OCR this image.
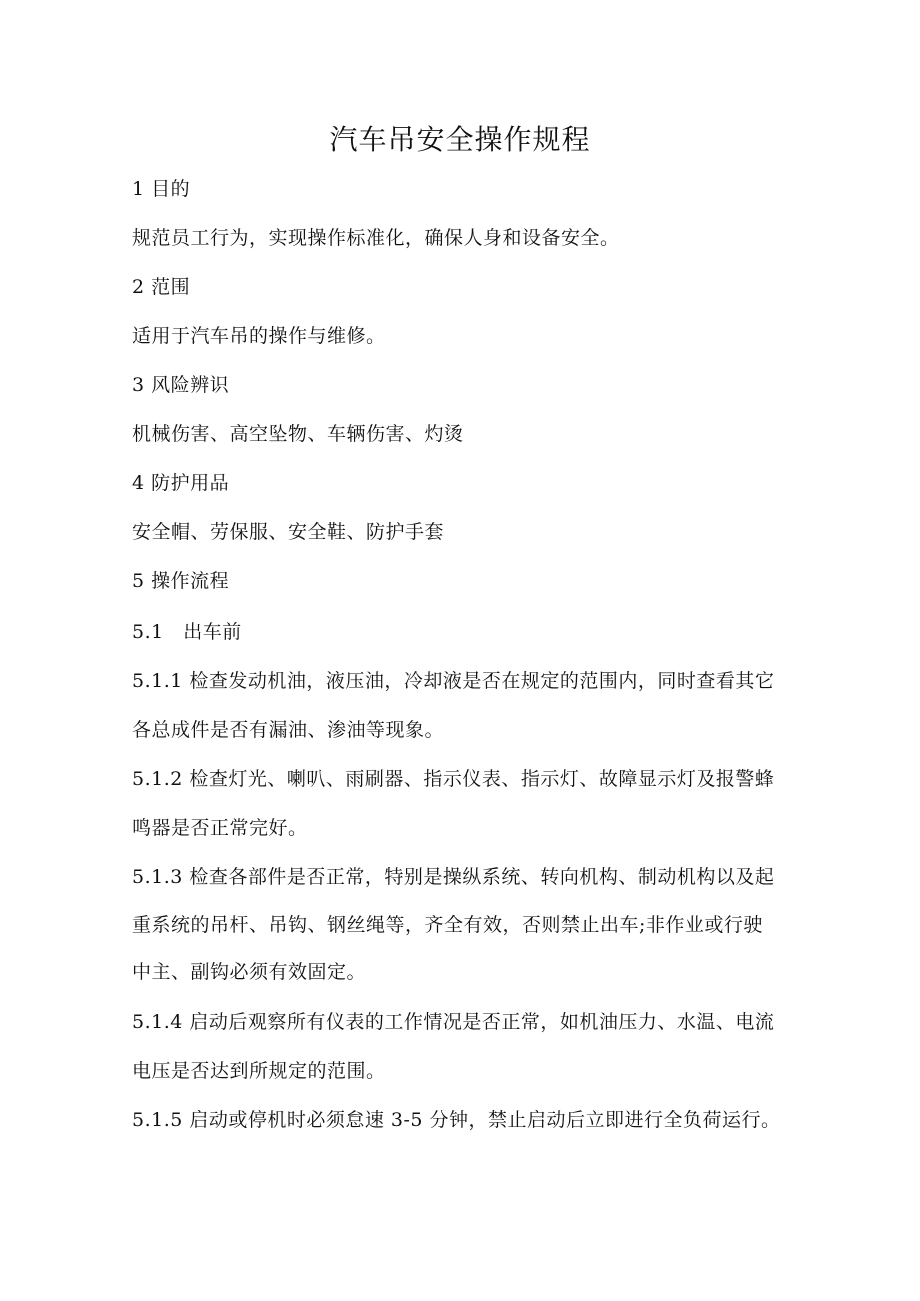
汽车吊安全操作规程
1 目的
规范员工行为，实现操作标准化，确保人身和设备安全。
2 范围
适用于汽车吊的操作与维修。
3 风险辨识
机械伤害、高空坠物、车辆伤害、灼烫
4 防护用品
安全帽、劳保服、安全鞋、防护手套
5 操作流程
5.1　出车前
5.1.1 检查发动机油，液压油，冷却液是否在规定的范围内，同时查看其它
各总成件是否有漏油、渗油等现象。
5.1.2 检查灯光、喇叭、雨刷器、指示仪表、指示灯、故障显示灯及报警蜂
鸣器是否正常完好。
5.1.3 检查各部件是否正常，特别是操纵系统、转向机构、制动机构以及起
重系统的吊杆、吊钩、钢丝绳等，齐全有效，否则禁止出车;非作业或行驶
中主、副钩必须有效固定。
5.1.4 启动后观察所有仪表的工作情况是否正常，如机油压力、水温、电流
电压是否达到所规定的范围。
5.1.5 启动或停机时必须怠速 3-5 分钟，禁止启动后立即进行全负荷运行。
